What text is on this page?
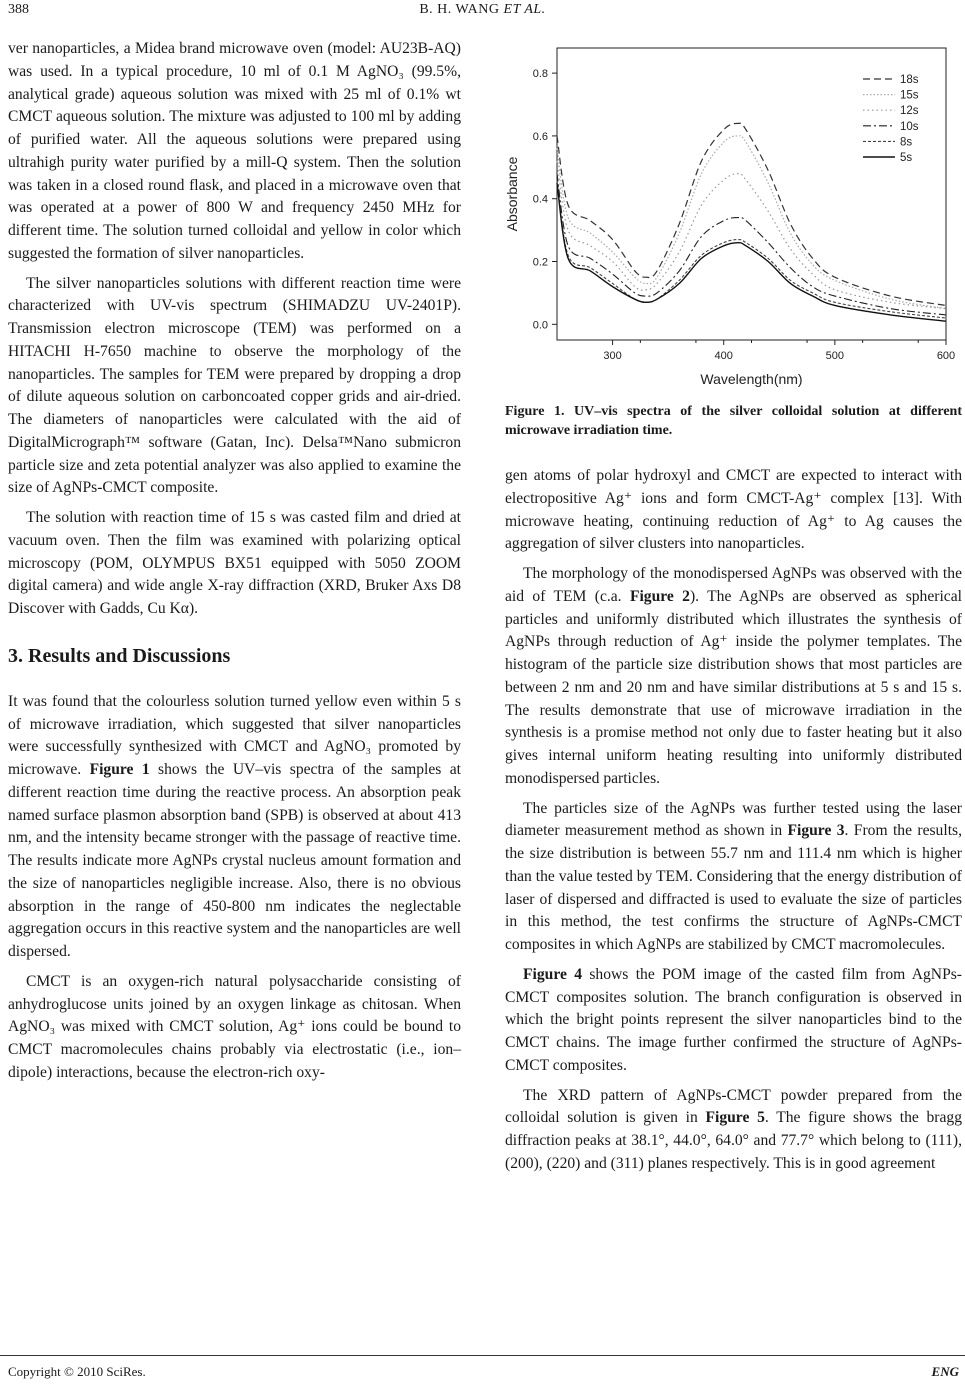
388	B. H. WANG ET AL.

ver nanoparticles, a Midea brand microwave oven (model: AU23B-AQ) was used. In a typical procedure, 10 ml of 0.1 M AgNO₃ (99.5%, analytical grade) aqueous solution was mixed with 25 ml of 0.1% wt CMCT aqueous solution. The mixture was adjusted to 100 ml by adding of purified water. All the aqueous solutions were prepared using ultrahigh purity water purified by a mill-Q system. Then the solution was taken in a closed round flask, and placed in a microwave oven that was operated at a power of 800 W and frequency 2450 MHz for different time. The solution turned colloidal and yellow in color which suggested the formation of silver nanoparticles.

The silver nanoparticles solutions with different reaction time were characterized with UV-vis spectrum (SHIMADZU UV-2401P). Transmission electron microscope (TEM) was performed on a HITACHI H-7650 machine to observe the morphology of the nanoparticles. The samples for TEM were prepared by dropping a drop of dilute aqueous solution on carboncoated copper grids and air-dried. The diameters of nanoparticles were calculated with the aid of DigitalMicrograph™ software (Gatan, Inc). Delsa™Nano submicron particle size and zeta potential analyzer was also applied to examine the size of AgNPs-CMCT composite.

The solution with reaction time of 15 s was casted film and dried at vacuum oven. Then the film was examined with polarizing optical microscopy (POM, OLYMPUS BX51 equipped with 5050 ZOOM digital camera) and wide angle X-ray diffraction (XRD, Bruker Axs D8 Discover with Gadds, Cu Kα).

3. Results and Discussions

It was found that the colourless solution turned yellow even within 5 s of microwave irradiation, which suggested that silver nanoparticles were successfully synthesized with CMCT and AgNO₃ promoted by microwave. Figure 1 shows the UV–vis spectra of the samples at different reaction time during the reactive process. An absorption peak named surface plasmon absorption band (SPB) is observed at about 413 nm, and the intensity became stronger with the passage of reactive time. The results indicate more AgNPs crystal nucleus amount formation and the size of nanoparticles negligible increase. Also, there is no obvious absorption in the range of 450-800 nm indicates the neglectable aggregation occurs in this reactive system and the nanoparticles are well dispersed.

CMCT is an oxygen-rich natural polysaccharide consisting of anhydroglucose units joined by an oxygen linkage as chitosan. When AgNO₃ was mixed with CMCT solution, Ag⁺ ions could be bound to CMCT macromolecules chains probably via electrostatic (i.e., ion–dipole) interactions, because the electron-rich oxy-

300	400	500	600
0.0
0.2
0.4
0.6
0.8
Wavelength(nm)
Absorbance
18s
15s
12s
10s
8s
5s
Figure 1. UV–vis spectra of the silver colloidal solution at different microwave irradiation time.

gen atoms of polar hydroxyl and CMCT are expected to interact with electropositive Ag⁺ ions and form CMCT-Ag⁺ complex [13]. With microwave heating, continuing reduction of Ag⁺ to Ag causes the aggregation of silver clusters into nanoparticles.

The morphology of the monodispersed AgNPs was observed with the aid of TEM (c.a. Figure 2). The AgNPs are observed as spherical particles and uniformly distributed which illustrates the synthesis of AgNPs through reduction of Ag⁺ inside the polymer templates. The histogram of the particle size distribution shows that most particles are between 2 nm and 20 nm and have similar distributions at 5 s and 15 s. The results demonstrate that use of microwave irradiation in the synthesis is a promise method not only due to faster heating but it also gives internal uniform heating resulting into uniformly distributed monodispersed particles.

The particles size of the AgNPs was further tested using the laser diameter measurement method as shown in Figure 3. From the results, the size distribution is between 55.7 nm and 111.4 nm which is higher than the value tested by TEM. Considering that the energy distribution of laser of dispersed and diffracted is used to evaluate the size of particles in this method, the test confirms the structure of AgNPs-CMCT composites in which AgNPs are stabilized by CMCT macromolecules.

Figure 4 shows the POM image of the casted film from AgNPs-CMCT composites solution. The branch configuration is observed in which the bright points represent the silver nanoparticles bind to the CMCT chains. The image further confirmed the structure of AgNPs-CMCT composites.

The XRD pattern of AgNPs-CMCT powder prepared from the colloidal solution is given in Figure 5. The figure shows the bragg diffraction peaks at 38.1°, 44.0°, 64.0° and 77.7° which belong to (111), (200), (220) and (311) planes respectively. This is in good agreement

Copyright © 2010 SciRes.	ENG
